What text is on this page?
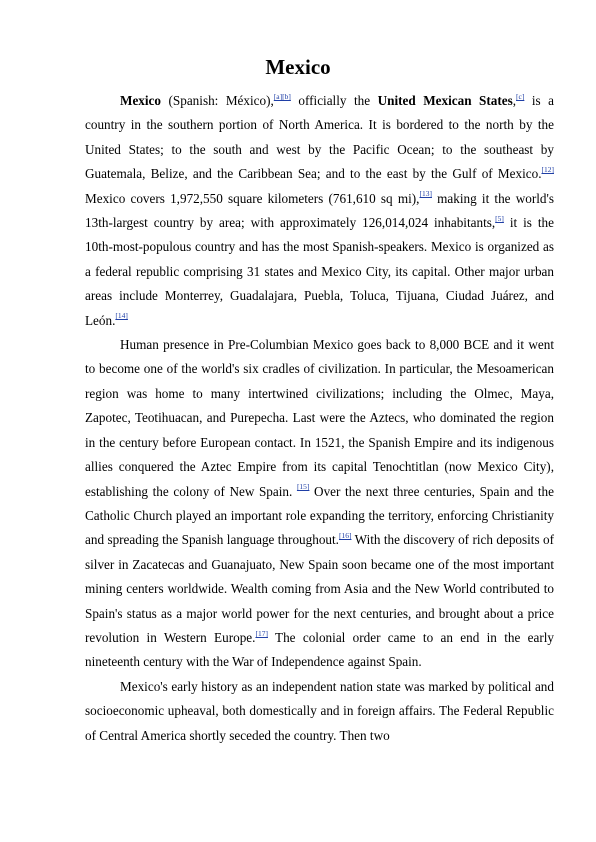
Mexico

Mexico (Spanish: México),[a][b] officially the United Mexican States,[c] is a country in the southern portion of North America. It is bordered to the north by the United States; to the south and west by the Pacific Ocean; to the southeast by Guatemala, Belize, and the Caribbean Sea; and to the east by the Gulf of Mexico.[12] Mexico covers 1,972,550 square kilometers (761,610 sq mi),[13] making it the world's 13th-largest country by area; with approximately 126,014,024 inhabitants,[5] it is the 10th-most-populous country and has the most Spanish-speakers. Mexico is organized as a federal republic comprising 31 states and Mexico City, its capital. Other major urban areas include Monterrey, Guadalajara, Puebla, Toluca, Tijuana, Ciudad Juárez, and León.[14]

Human presence in Pre-Columbian Mexico goes back to 8,000 BCE and it went to become one of the world's six cradles of civilization. In particular, the Mesoamerican region was home to many intertwined civilizations; including the Olmec, Maya, Zapotec, Teotihuacan, and Purepecha. Last were the Aztecs, who dominated the region in the century before European contact. In 1521, the Spanish Empire and its indigenous allies conquered the Aztec Empire from its capital Tenochtitlan (now Mexico City), establishing the colony of New Spain. [15] Over the next three centuries, Spain and the Catholic Church played an important role expanding the territory, enforcing Christianity and spreading the Spanish language throughout.[16] With the discovery of rich deposits of silver in Zacatecas and Guanajuato, New Spain soon became one of the most important mining centers worldwide. Wealth coming from Asia and the New World contributed to Spain's status as a major world power for the next centuries, and brought about a price revolution in Western Europe.[17] The colonial order came to an end in the early nineteenth century with the War of Independence against Spain.

Mexico's early history as an independent nation state was marked by political and socioeconomic upheaval, both domestically and in foreign affairs. The Federal Republic of Central America shortly seceded the country. Then two
